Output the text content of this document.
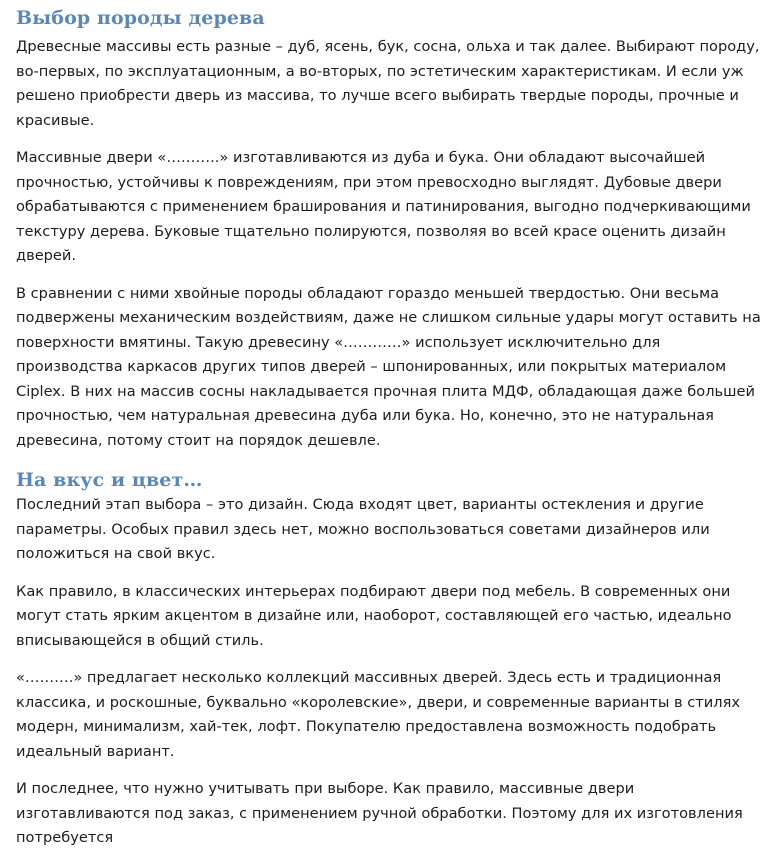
Выбор породы дерева

Древесные массивы есть разные – дуб, ясень, бук, сосна, ольха и так далее. Выбирают породу, во-первых, по эксплуатационным, а во-вторых, по эстетическим характеристикам. И если уж решено приобрести дверь из массива, то лучше всего выбирать твердые породы, прочные и красивые.

Массивные двери «………..» изготавливаются из дуба и бука. Они обладают высочайшей прочностью, устойчивы к повреждениям, при этом превосходно выглядят. Дубовые двери обрабатываются с применением браширования и патинирования, выгодно подчеркивающими текстуру дерева. Буковые тщательно полируются, позволяя во всей красе оценить дизайн дверей.

В сравнении с ними хвойные породы обладают гораздо меньшей твердостью. Они весьма подвержены механическим воздействиям, даже не слишком сильные удары могут оставить на поверхности вмятины. Такую древесину «…………» использует исключительно для производства каркасов других типов дверей – шпонированных, или покрытых материалом Ciplex. В них на массив сосны накладывается прочная плита МДФ, обладающая даже большей прочностью, чем натуральная древесина дуба или бука. Но, конечно, это не натуральная древесина, потому стоит на порядок дешевле.

На вкус и цвет…

Последний этап выбора – это дизайн. Сюда входят цвет, варианты остекления и другие параметры. Особых правил здесь нет, можно воспользоваться советами дизайнеров или положиться на свой вкус.

Как правило, в классических интерьерах подбирают двери под мебель. В современных они могут стать ярким акцентом в дизайне или, наоборот, составляющей его частью, идеально вписывающейся в общий стиль.

«……….» предлагает несколько коллекций массивных дверей. Здесь есть и традиционная классика, и роскошные, буквально «королевские», двери, и современные варианты в стилях модерн, минимализм, хай-тек, лофт. Покупателю предоставлена возможность подобрать идеальный вариант.

И последнее, что нужно учитывать при выборе. Как правило, массивные двери изготавливаются под заказ, с применением ручной обработки. Поэтому для их изготовления потребуется
